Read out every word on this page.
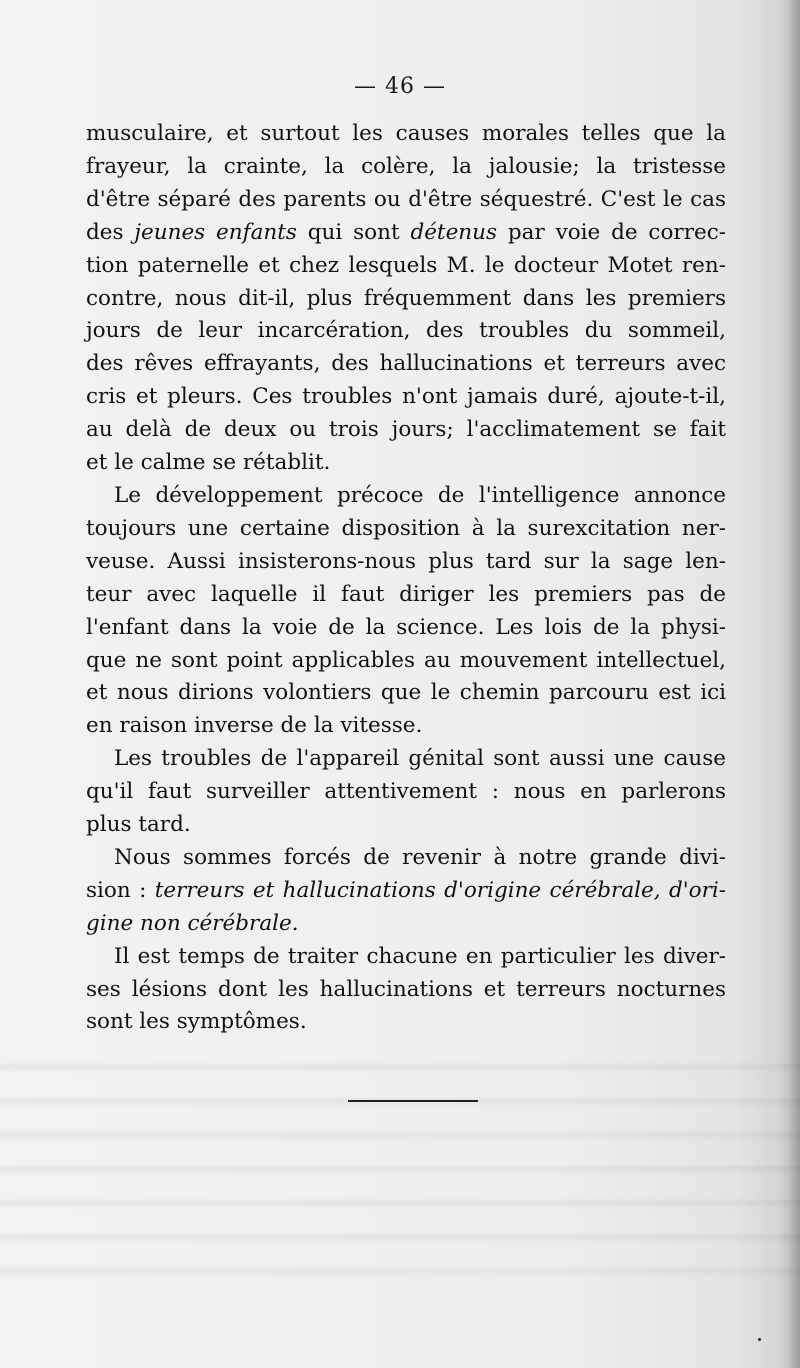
— 46 —
musculaire, et surtout les causes morales telles que la
frayeur, la crainte, la colère, la jalousie; la tristesse
d'être séparé des parents ou d'être séquestré. C'est le cas
des jeunes enfants qui sont détenus par voie de correc-
tion paternelle et chez lesquels M. le docteur Motet ren-
contre, nous dit-il, plus fréquemment dans les premiers
jours de leur incarcération, des troubles du sommeil,
des rêves effrayants, des hallucinations et terreurs avec
cris et pleurs. Ces troubles n'ont jamais duré, ajoute-t-il,
au delà de deux ou trois jours; l'acclimatement se fait
et le calme se rétablit.
Le développement précoce de l'intelligence annonce
toujours une certaine disposition à la surexcitation ner-
veuse. Aussi insisterons-nous plus tard sur la sage len-
teur avec laquelle il faut diriger les premiers pas de
l'enfant dans la voie de la science. Les lois de la physi-
que ne sont point applicables au mouvement intellectuel,
et nous dirions volontiers que le chemin parcouru est ici
en raison inverse de la vitesse.
Les troubles de l'appareil génital sont aussi une cause
qu'il faut surveiller attentivement : nous en parlerons
plus tard.
Nous sommes forcés de revenir à notre grande divi-
sion : terreurs et hallucinations d'origine cérébrale, d'ori-
gine non cérébrale.
Il est temps de traiter chacune en particulier les diver-
ses lésions dont les hallucinations et terreurs nocturnes
sont les symptômes.
